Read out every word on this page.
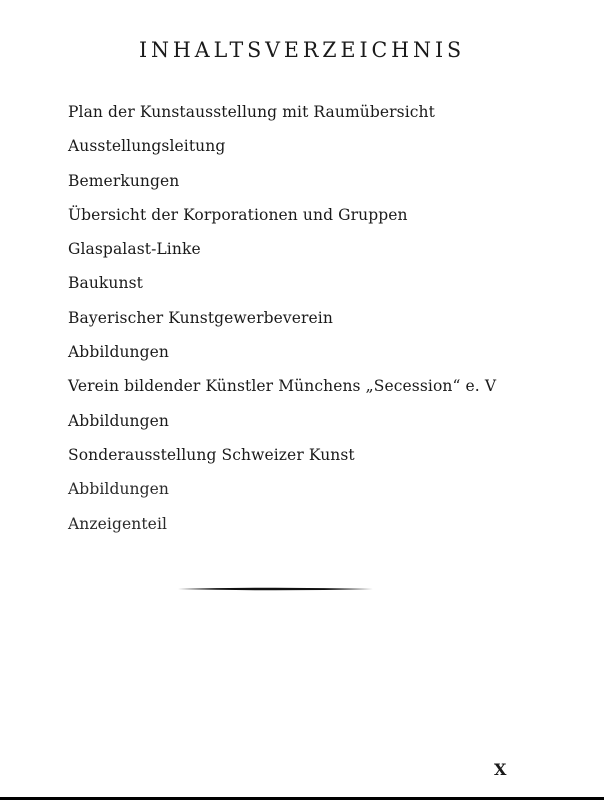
INHALTSVERZEICHNIS
Plan der Kunstausstellung mit Raumübersicht
Ausstellungsleitung
Bemerkungen
Übersicht der Korporationen und Gruppen
Glaspalast-Linke
Baukunst
Bayerischer Kunstgewerbeverein
Abbildungen
Verein bildender Künstler Münchens „Secession“ e. V
Abbildungen
Sonderausstellung Schweizer Kunst
Abbildungen
Anzeigenteil
X
